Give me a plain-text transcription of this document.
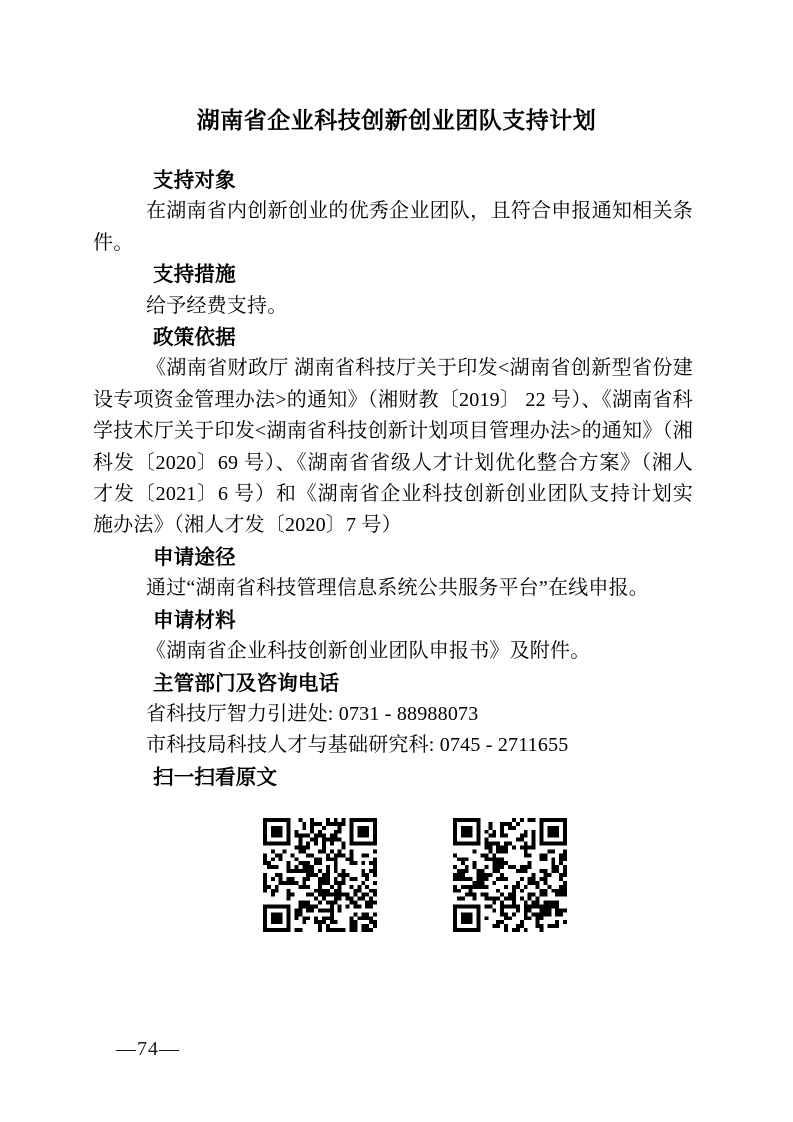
湖南省企业科技创新创业团队支持计划
支持对象

在湖南省内创新创业的优秀企业团队，且符合申报通知相关条件。

支持措施

给予经费支持。

政策依据

《湖南省财政厅 湖南省科技厅关于印发<湖南省创新型省份建设专项资金管理办法>的通知》（湘财教〔2019〕 22 号）、《湖南省科学技术厅关于印发<湖南省科技创新计划项目管理办法>的通知》（湘科发〔2020〕69 号）、《湖南省省级人才计划优化整合方案》（湘人才发〔2021〕6 号）和《湖南省企业科技创新创业团队支持计划实施办法》（湘人才发〔2020〕7 号）

申请途径

通过“湖南省科技管理信息系统公共服务平台”在线申报。

申请材料

《湖南省企业科技创新创业团队申报书》及附件。

主管部门及咨询电话

省科技厅智力引进处: 0731 - 88988073

市科技局科技人才与基础研究科: 0745 - 2711655

扫一扫看原文
—74—
